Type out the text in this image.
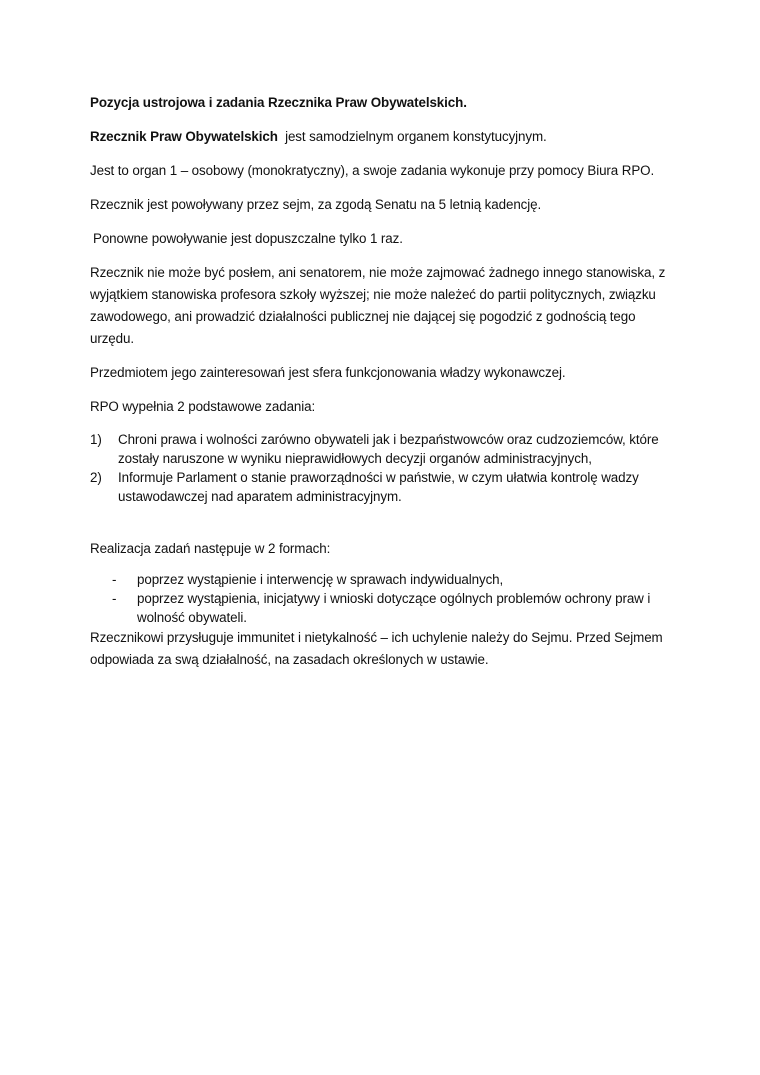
Pozycja ustrojowa i zadania Rzecznika Praw Obywatelskich.

Rzecznik Praw Obywatelskich  jest samodzielnym organem konstytucyjnym.

Jest to organ 1 – osobowy (monokratyczny), a swoje zadania wykonuje przy pomocy Biura RPO.

Rzecznik jest powoływany przez sejm, za zgodą Senatu na 5 letnią kadencję.

Ponowne powoływanie jest dopuszczalne tylko 1 raz.

Rzecznik nie może być posłem, ani senatorem, nie może zajmować żadnego innego stanowiska, z wyjątkiem stanowiska profesora szkoły wyższej; nie może należeć do partii politycznych, związku zawodowego, ani prowadzić działalności publicznej nie dającej się pogodzić z godnością tego urzędu.

Przedmiotem jego zainteresowań jest sfera funkcjonowania władzy wykonawczej.

RPO wypełnia 2 podstawowe zadania:

1) Chroni prawa i wolności zarówno obywateli jak i bezpaństwowców oraz cudzoziemców, które zostały naruszone w wyniku nieprawidłowych decyzji organów administracyjnych,
2) Informuje Parlament o stanie praworządności w państwie, w czym ułatwia kontrolę wadzy ustawodawczej nad aparatem administracyjnym.

Realizacja zadań następuje w 2 formach:

- poprzez wystąpienie i interwencję w sprawach indywidualnych,
- poprzez wystąpienia, inicjatywy i wnioski dotyczące ogólnych problemów ochrony praw i wolność obywateli.

Rzecznikowi przysługuje immunitet i nietykalność – ich uchylenie należy do Sejmu. Przed Sejmem odpowiada za swą działalność, na zasadach określonych w ustawie.
